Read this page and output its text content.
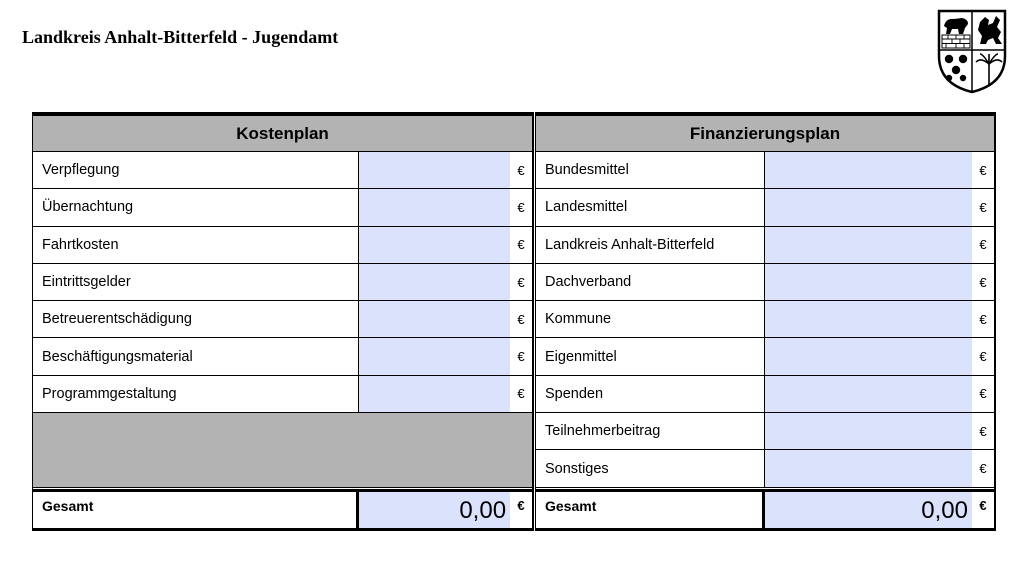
Landkreis Anhalt-Bitterfeld - Jugendamt
Kostenplan
Verpflegung	€
Übernachtung	€
Fahrtkosten	€
Eintrittsgelder	€
Betreuerentschädigung	€
Beschäftigungsmaterial	€
Programmgestaltung	€
Gesamt	0,00 €
Finanzierungsplan
Bundesmittel	€
Landesmittel	€
Landkreis Anhalt-Bitterfeld	€
Dachverband	€
Kommune	€
Eigenmittel	€
Spenden	€
Teilnehmerbeitrag	€
Sonstiges	€
Gesamt	0,00 €
